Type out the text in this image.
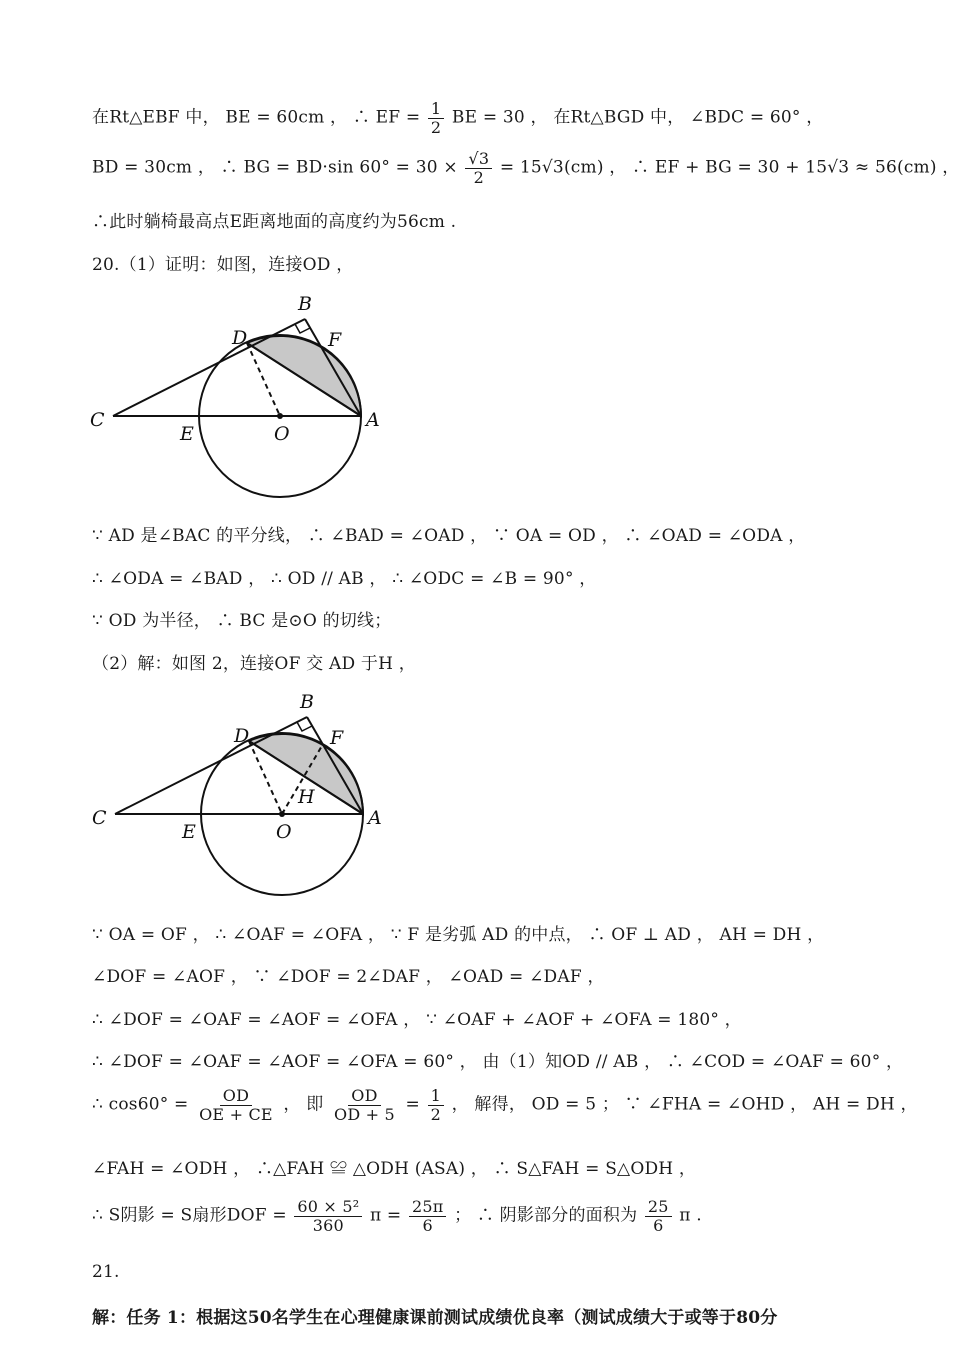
在Rt△EBF 中， BE = 60cm ， ∴ EF = $\frac{1}{2}$ BE = 30 ， 在Rt△BGD 中， ∠BDC = 60° ，
BD = 30cm ， ∴ BG = BD·sin $60^\circ = 30 \times \frac{√3}{2} = 15√3(cm)$ ， ∴ EF + BG = 30 + 15√3 ≈ 56(cm) ，
∴此时躺椅最高点E距离地面的高度约为56cm .
20.（1）证明：如图，连接OD ，
B
D	F
C
E	O
A
∵ AD 是∠BAC 的平分线， ∴ ∠BAD = ∠OAD ， ∵ OA = OD ， ∴ ∠OAD = ∠ODA ，
∴ ∠ODA = ∠BAD ， ∴ OD // AB ， ∴ ∠ODC = ∠B = 90° ，
∵ OD 为半径， ∴ BC 是⊙O 的切线；
（2）解：如图 2，连接OF 交 AD 于H ，
B
D	F
H
C
E	O
A
∵ OA = OF ， ∴ ∠OAF = ∠OFA ， ∵ F 是劣弧 AD 的中点， ∴ OF ⊥ AD ， AH = DH ，
∠DOF = ∠AOF ， ∵ ∠DOF = 2∠DAF ， ∠OAD = ∠DAF ，
∴ ∠DOF = ∠OAF = ∠AOF = ∠OFA ， ∵ ∠OAF + ∠AOF + ∠OFA = 180° ，
∴ ∠DOF = ∠OAF = ∠AOF = ∠OFA = 60° ， 由（1）知OD // AB ， ∴ ∠COD = ∠OAF = 60° ，
∴ $\cos 60^\circ = \frac{OD}{OE + CE}$ ， 即 $\frac{OD}{OD + 5} = \frac{1}{2}$ ， 解得， OD = 5 ； ∵ ∠FHA = ∠OHD ， AH = DH ，
∠FAH = ∠ODH ， ∴△FAH ≌ △ODH (ASA) ， ∴ S△FAH = S△ODH ，
∴ S阴影 = S扇形DOF = $\frac{\text{60 × 5²}}{360}$ $\pi = \frac{25\pi}{6}$ ； ∴ 阴影部分的面积为 $\frac{25}{6}$ π .
21.
解：任务 1：根据这50名学生在心理健康课前测试成绩优良率（测试成绩大于或等于80分
